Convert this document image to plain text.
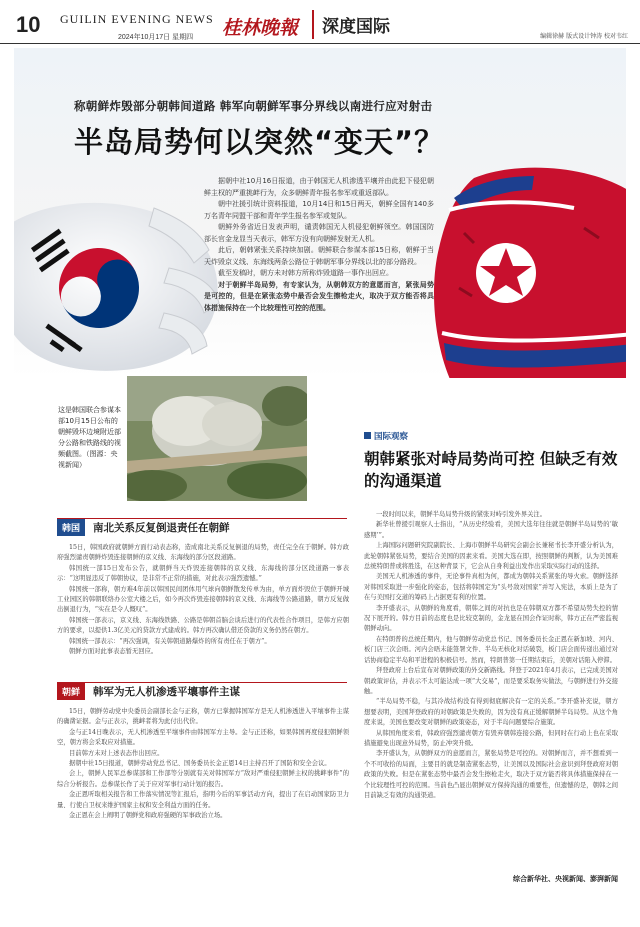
10 GUILIN EVENING NEWS
2024年10月17日 星期四 桂林晚報	深度国际	编辑徐赫 版式设计钟涛 校对韦红
称朝鲜炸毁部分朝韩间道路 韩军向朝鲜军事分界线以南进行应对射击
半岛局势何以突然“变天”？

据朝中社10月16日报道，由于韩国无人机渗透平壤并由此犯下侵犯朝鲜主权的严重挑衅行为，众多朝鲜青年报名参军或重返部队。

朝中社援引统计资料报道，10月14日和15日两天，朝鲜全国有140多万名青年同盟干部和青年学生报名参军或复队。

朝鲜外务省近日发表声明，谴责韩国无人机侵犯朝鲜领空。韩国国防部长官金龙显当天表示，韩军方没有向朝鲜发射无人机。

此后，朝韩紧张关系持续加剧。朝鲜联合参谋本部15日称，朝鲜于当天炸毁京义线、东海线两条公路位于韩朝军事分界线以北的部分路段。

截至发稿时，朝方未对韩方所称炸毁道路一事作出回应。

对于朝鲜半岛局势，有专家认为，从朝韩双方的意愿而言，紧张局势是可控的，但是在紧张态势中最否会发生擦枪走火，取决于双方能否将具体措施保持在一个比较理性可控的范围。

这是韩国联合参谋本部10月15日公布的朝鲜毁坏边境附近部分公路和铁路线的视频截图。（图源：央视新闻）
韩国	南北关系反复倒退责任在朝鲜

15日，韩国政府就朝鲜方面行动表态称，造成南北关系反复倒退的局势，责任完全在于朝鲜。韩方政府强烈谴责朝鲜炸毁连接朝鲜的京义线、东海线的部分区段道路。

韩国统一部15日发布公告，就朝鲜当天炸毁连接朝韩的京义线、东海线的部分区段道路一事表示：“这明显违反了韩朝协议，是非常不正常的措施，对此表示强烈遗憾。”

韩国统一部称，朝方难4年前以韩国民间团体用气球向朝鲜散发传单为由，单方面炸毁位于朝鲜开城工业园区的韩朝联络办公室大楼之后，如今再次炸毁连接朝韩的京义线、东海线等公路道路，朝方反复做出倒退行为，“实在是令人慨叹”。

韩国统一部表示，京义线、东海线铁路、公路是韩朝首脑会谈后进行的代表性合作项目，是韩方应朝方的要求，以提供1.3亿美元的贷款方式建成的。韩方再次确认借还贷款的义务仍然在朝方。

韩国统一部表示：“再次强调，有关韩朝道路爆炸的所有责任在于朝方”。

朝鲜方面对此事表态暂无回应。

朝鲜	韩军为无人机渗透平壤事件主谋

15日，朝鲜劳动党中央委员会副部长金与正称，朝方已掌握韩国军方是无人机渗透进入平壤事件主谋的确凿证据。金与正表示，挑衅者将为此付出代价。

金与正14日晚表示，无人机渗透至平壤事件由韩国军方主导。金与正还称，如果韩国再度侵犯朝鲜领空，朝方将会采取应对措施。

目前韩方未对上述表态作出回应。

据朝中社15日报道，朝鲜劳动党总书记、国务委员长金正恩14日主持召开了国防和安全会议。

会上，朝鲜人民军总参谋部和工作部等分别就有关对韩国军方“敌对严重侵犯朝鲜主权的挑衅事件”的综合分析报告。总参谋长作了关于应对军事行动计划的报告。

金正恩听取相关报告和工作落实情况等汇报后，指明今后的军事活动方向，提出了在启动国家防卫力量、行使自卫权来维护国家主权和安全利益方面的任务。

金正恩在会上阐明了朝鲜党和政府强硬的军事政治立场。

国际观察
朝韩紧张对峙局势尚可控 但缺乏有效的沟通渠道

一段时间以来，朝鲜半岛局势升级的紧张对峙引发外界关注。

新华社曾援引观察人士指出，“从历史经验看，美国大选年往往就是朝鲜半岛局势的‘敏感期’”。

上海国际问题研究院副院长、上海市朝鲜半岛研究会副会长兼秘书长李开盛分析认为，此轮朝韩紧张局势，要结合美国的因素来看。美国大选在即，按照朝鲜的判断，认为美国难总统特朗普或将胜选，在这种背景下，它会从自身利益出发作出采取实际行动的选择。

美国无人机渗透的事件，无论事件真相为何，都成为朝韩关系紧张的导火索。朝鲜选择对韩国采取进一步强化的姿态，包括将韩国定为“头号敌对国家”并写入宪法，本质上是为了在与美国打交道的筹码上占据更有利的位置。

李开盛表示，从朝鲜的角度看，朝韩之间的对抗也是在韩朝双方都不希望局势失控的情况下展开的。韩方目前的态度也是比较克制的，金龙显在国会作证时称，韩方正在严密监视朝鲜动向。

在特朗普的总统任期内，他与朝鲜劳动党总书记、国务委员长金正恩在新加坡、河内、板门店三次会晤。河内会晤未能签署文件、半岛无核化对话破裂，板门店会面传递出通过对话协商稳定半岛和平进程的积极信号。然而，特朗普第一任期结束后，美朝对话陷入停滞。

拜登政府上台后宣布对朝鲜政策的外交新路线。拜登于2021年4月表示，已完成美国对朝政策评估，并表示不太可能达成一项“大交易”，而是要采取务实做法，与朝鲜进行外交接触。

“半岛局势不稳，与其冷战结构没有得到彻底解决有一定的关系。”李开盛补充说，朝方想要表明，美国拜登政府的对朝政策是失败的，因为没有真正缓解朝鲜半岛局势。从这个角度来说，美国也要改变对朝鲜的政策姿态，对于半岛问题要综合施策。

从韩国角度来看，韩政府强烈谴责朝方有毁弃朝韩连接公路，但同时在行动上也在采取措施避免出现意外局势，防止冲突升级。

李开盛认为，从朝鲜双方的意愿而言，紧张局势是可控的。对朝鲜而言，并不想看到一个不可收拾的局面，主要目的就是制造紧张态势，让美国以及国际社会意识到拜登政府对朝政策的失败。但是在紧张态势中最否会发生擦枪走火，取决于双方能否将具体措施保持在一个比较理性可控的范围。当前也凸显出朝鲜双方保持沟通的重要性，但遗憾的是，朝韩之间目前缺乏有效的沟通渠道。

综合新华社、央视新闻、澎湃新闻
